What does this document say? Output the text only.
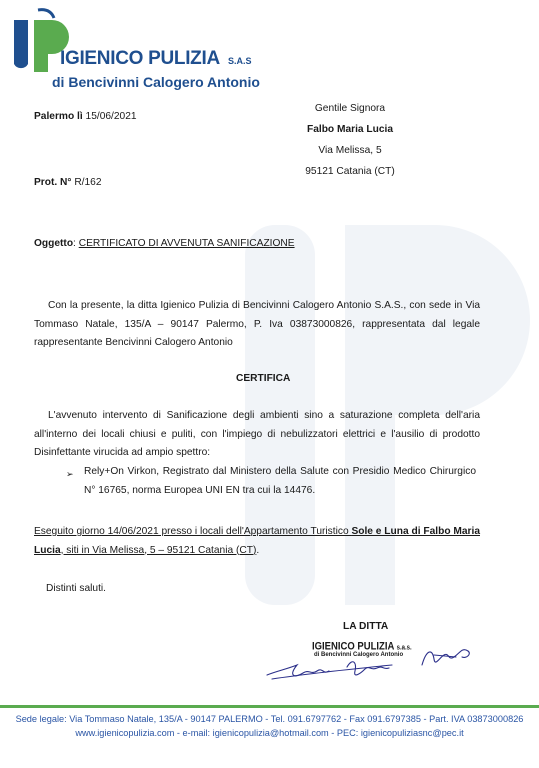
IGIENICO PULIZIA S.A.S
di Bencivinni Calogero Antonio
Palermo lì 15/06/2021
Gentile Signora
Falbo Maria Lucia
Via Melissa, 5
95121 Catania (CT)
Prot. N° R/162
Oggetto: CERTIFICATO DI AVVENUTA SANIFICAZIONE
Con la presente, la ditta Igienico Pulizia di Bencivinni Calogero Antonio S.A.S., con sede in Via Tommaso Natale, 135/A – 90147 Palermo, P. Iva 03873000826, rappresentata dal legale rappresentante Bencivinni Calogero Antonio
CERTIFICA
L'avvenuto intervento di Sanificazione degli ambienti sino a saturazione completa dell'aria all'interno dei locali chiusi e puliti, con l'impiego di nebulizzatori elettrici e l'ausilio di prodotto Disinfettante virucida ad ampio spettro:
➢ Rely+On Virkon, Registrato dal Ministero della Salute con Presidio Medico Chirurgico N° 16765, norma Europea UNI EN tra cui la 14476.
Eseguito giorno 14/06/2021 presso i locali dell'Appartamento Turistico Sole e Luna di Falbo Maria Lucia, siti in Via Melissa, 5 – 95121 Catania (CT).
Distinti saluti.
LA DITTA
IGIENICO PULIZIA s.a.s.
di Bencivinni Calogero Antonio
Sede legale: Via Tommaso Natale, 135/A - 90147 PALERMO - Tel. 091.6797762 - Fax 091.6797385 - Part. IVA 03873000826
www.igienicopulizia.com - e-mail: igienicopulizia@hotmail.com - PEC: igienicopuliziasnc@pec.it
